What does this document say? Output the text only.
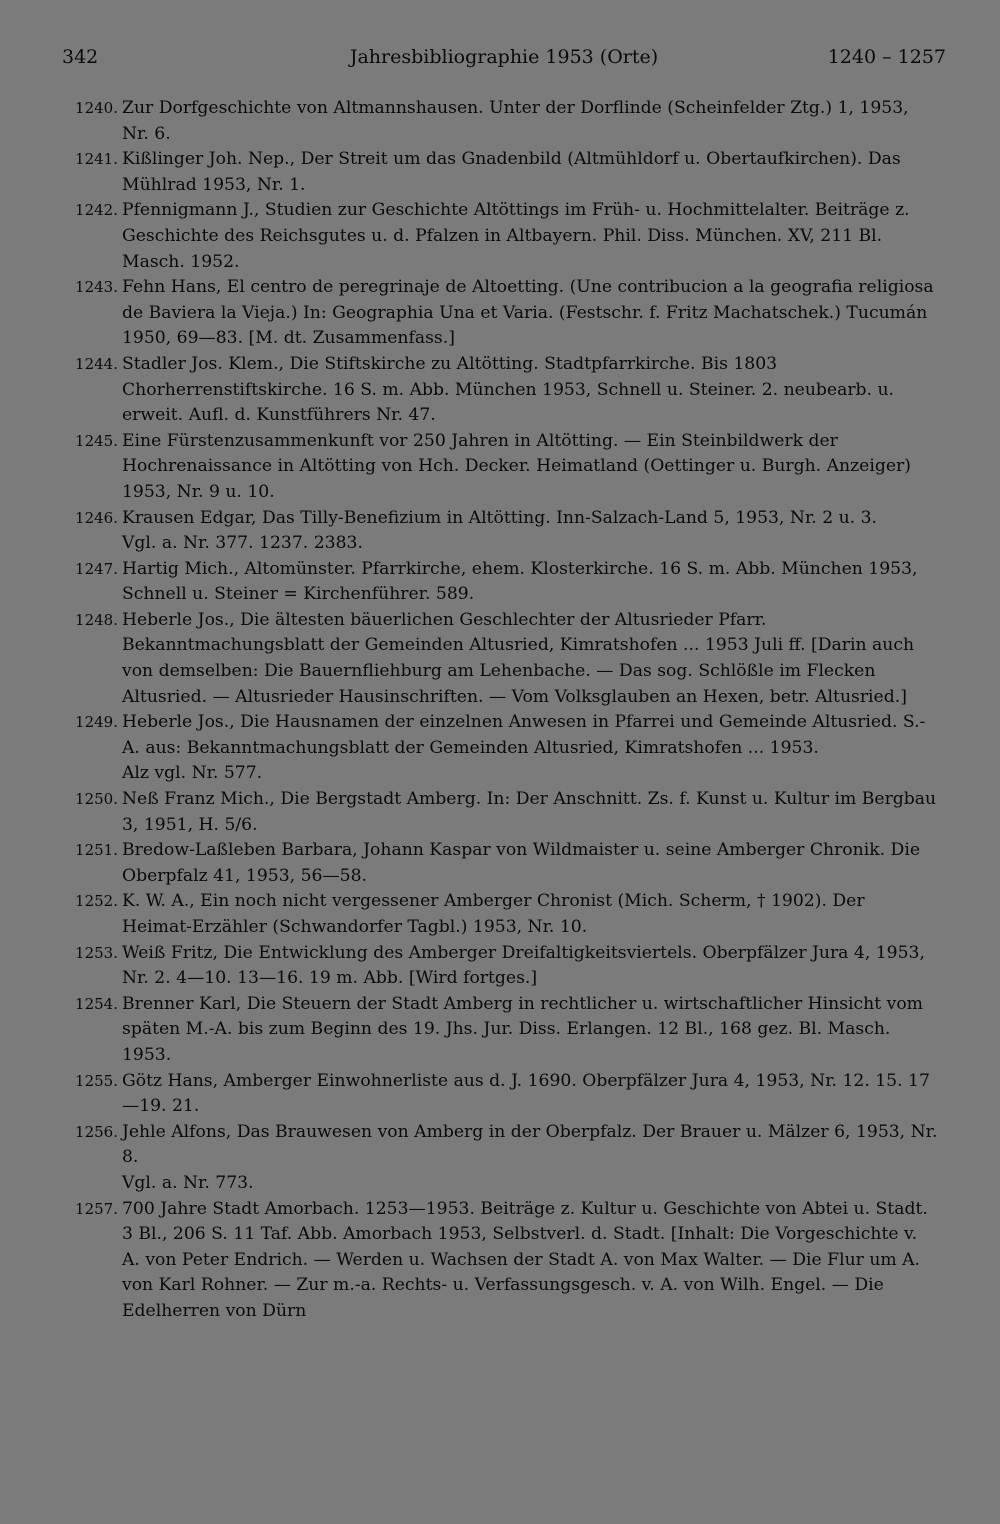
342	Jahresbibliographie 1953 (Orte)	1240 – 1257
1240. Zur Dorfgeschichte von Altmannshausen. Unter der Dorflinde (Scheinfelder Ztg.) 1, 1953, Nr. 6.
1241. Kißlinger Joh. Nep., Der Streit um das Gnadenbild (Altmühldorf u. Obertaufkirchen). Das Mühlrad 1953, Nr. 1.
1242. Pfennigmann J., Studien zur Geschichte Altöttings im Früh- u. Hochmittelalter. Beiträge z. Geschichte des Reichsgutes u. d. Pfalzen in Altbayern. Phil. Diss. München. XV, 211 Bl. Masch. 1952.
1243. Fehn Hans, El centro de peregrinaje de Altoetting. (Une contribucion a la geografia religiosa de Baviera la Vieja.) In: Geographia Una et Varia. (Festschr. f. Fritz Machatschek.) Tucumán 1950, 69—83. [M. dt. Zusammenfass.]
1244. Stadler Jos. Klem., Die Stiftskirche zu Altötting. Stadtpfarrkirche. Bis 1803 Chorherrenstiftskirche. 16 S. m. Abb. München 1953, Schnell u. Steiner. 2. neubearb. u. erweit. Aufl. d. Kunstführers Nr. 47.
1245. Eine Fürstenzusammenkunft vor 250 Jahren in Altötting. — Ein Steinbildwerk der Hochrenaissance in Altötting von Hch. Decker. Heimatland (Oettinger u. Burgh. Anzeiger) 1953, Nr. 9 u. 10.
1246. Krausen Edgar, Das Tilly-Benefizium in Altötting. Inn-Salzach-Land 5, 1953, Nr. 2 u. 3.
Vgl. a. Nr. 377. 1237. 2383.
1247. Hartig Mich., Altomünster. Pfarrkirche, ehem. Klosterkirche. 16 S. m. Abb. München 1953, Schnell u. Steiner = Kirchenführer. 589.
1248. Heberle Jos., Die ältesten bäuerlichen Geschlechter der Altusrieder Pfarr. Bekanntmachungsblatt der Gemeinden Altusried, Kimratshofen ... 1953 Juli ff. [Darin auch von demselben: Die Bauernfliehburg am Lehenbache. — Das sog. Schlößle im Flecken Altusried. — Altusrieder Hausinschriften. — Vom Volksglauben an Hexen, betr. Altusried.]
1249. Heberle Jos., Die Hausnamen der einzelnen Anwesen in Pfarrei und Gemeinde Altusried. S.-A. aus: Bekanntmachungsblatt der Gemeinden Altusried, Kimratshofen ... 1953.
Alz vgl. Nr. 577.
1250. Neß Franz Mich., Die Bergstadt Amberg. In: Der Anschnitt. Zs. f. Kunst u. Kultur im Bergbau 3, 1951, H. 5/6.
1251. Bredow-Laßleben Barbara, Johann Kaspar von Wildmaister u. seine Amberger Chronik. Die Oberpfalz 41, 1953, 56—58.
1252. K. W. A., Ein noch nicht vergessener Amberger Chronist (Mich. Scherm, † 1902). Der Heimat-Erzähler (Schwandorfer Tagbl.) 1953, Nr. 10.
1253. Weiß Fritz, Die Entwicklung des Amberger Dreifaltigkeitsviertels. Oberpfälzer Jura 4, 1953, Nr. 2. 4—10. 13—16. 19 m. Abb. [Wird fortges.]
1254. Brenner Karl, Die Steuern der Stadt Amberg in rechtlicher u. wirtschaftlicher Hinsicht vom späten M.-A. bis zum Beginn des 19. Jhs. Jur. Diss. Erlangen. 12 Bl., 168 gez. Bl. Masch. 1953.
1255. Götz Hans, Amberger Einwohnerliste aus d. J. 1690. Oberpfälzer Jura 4, 1953, Nr. 12. 15. 17—19. 21.
1256. Jehle Alfons, Das Brauwesen von Amberg in der Oberpfalz. Der Brauer u. Mälzer 6, 1953, Nr. 8.
Vgl. a. Nr. 773.
1257. 700 Jahre Stadt Amorbach. 1253—1953. Beiträge z. Kultur u. Geschichte von Abtei u. Stadt. 3 Bl., 206 S. 11 Taf. Abb. Amorbach 1953, Selbstverl. d. Stadt. [Inhalt: Die Vorgeschichte v. A. von Peter Endrich. — Werden u. Wachsen der Stadt A. von Max Walter. — Die Flur um A. von Karl Rohner. — Zur m.-a. Rechts- u. Verfassungsgesch. v. A. von Wilh. Engel. — Die Edelherren von Dürn
